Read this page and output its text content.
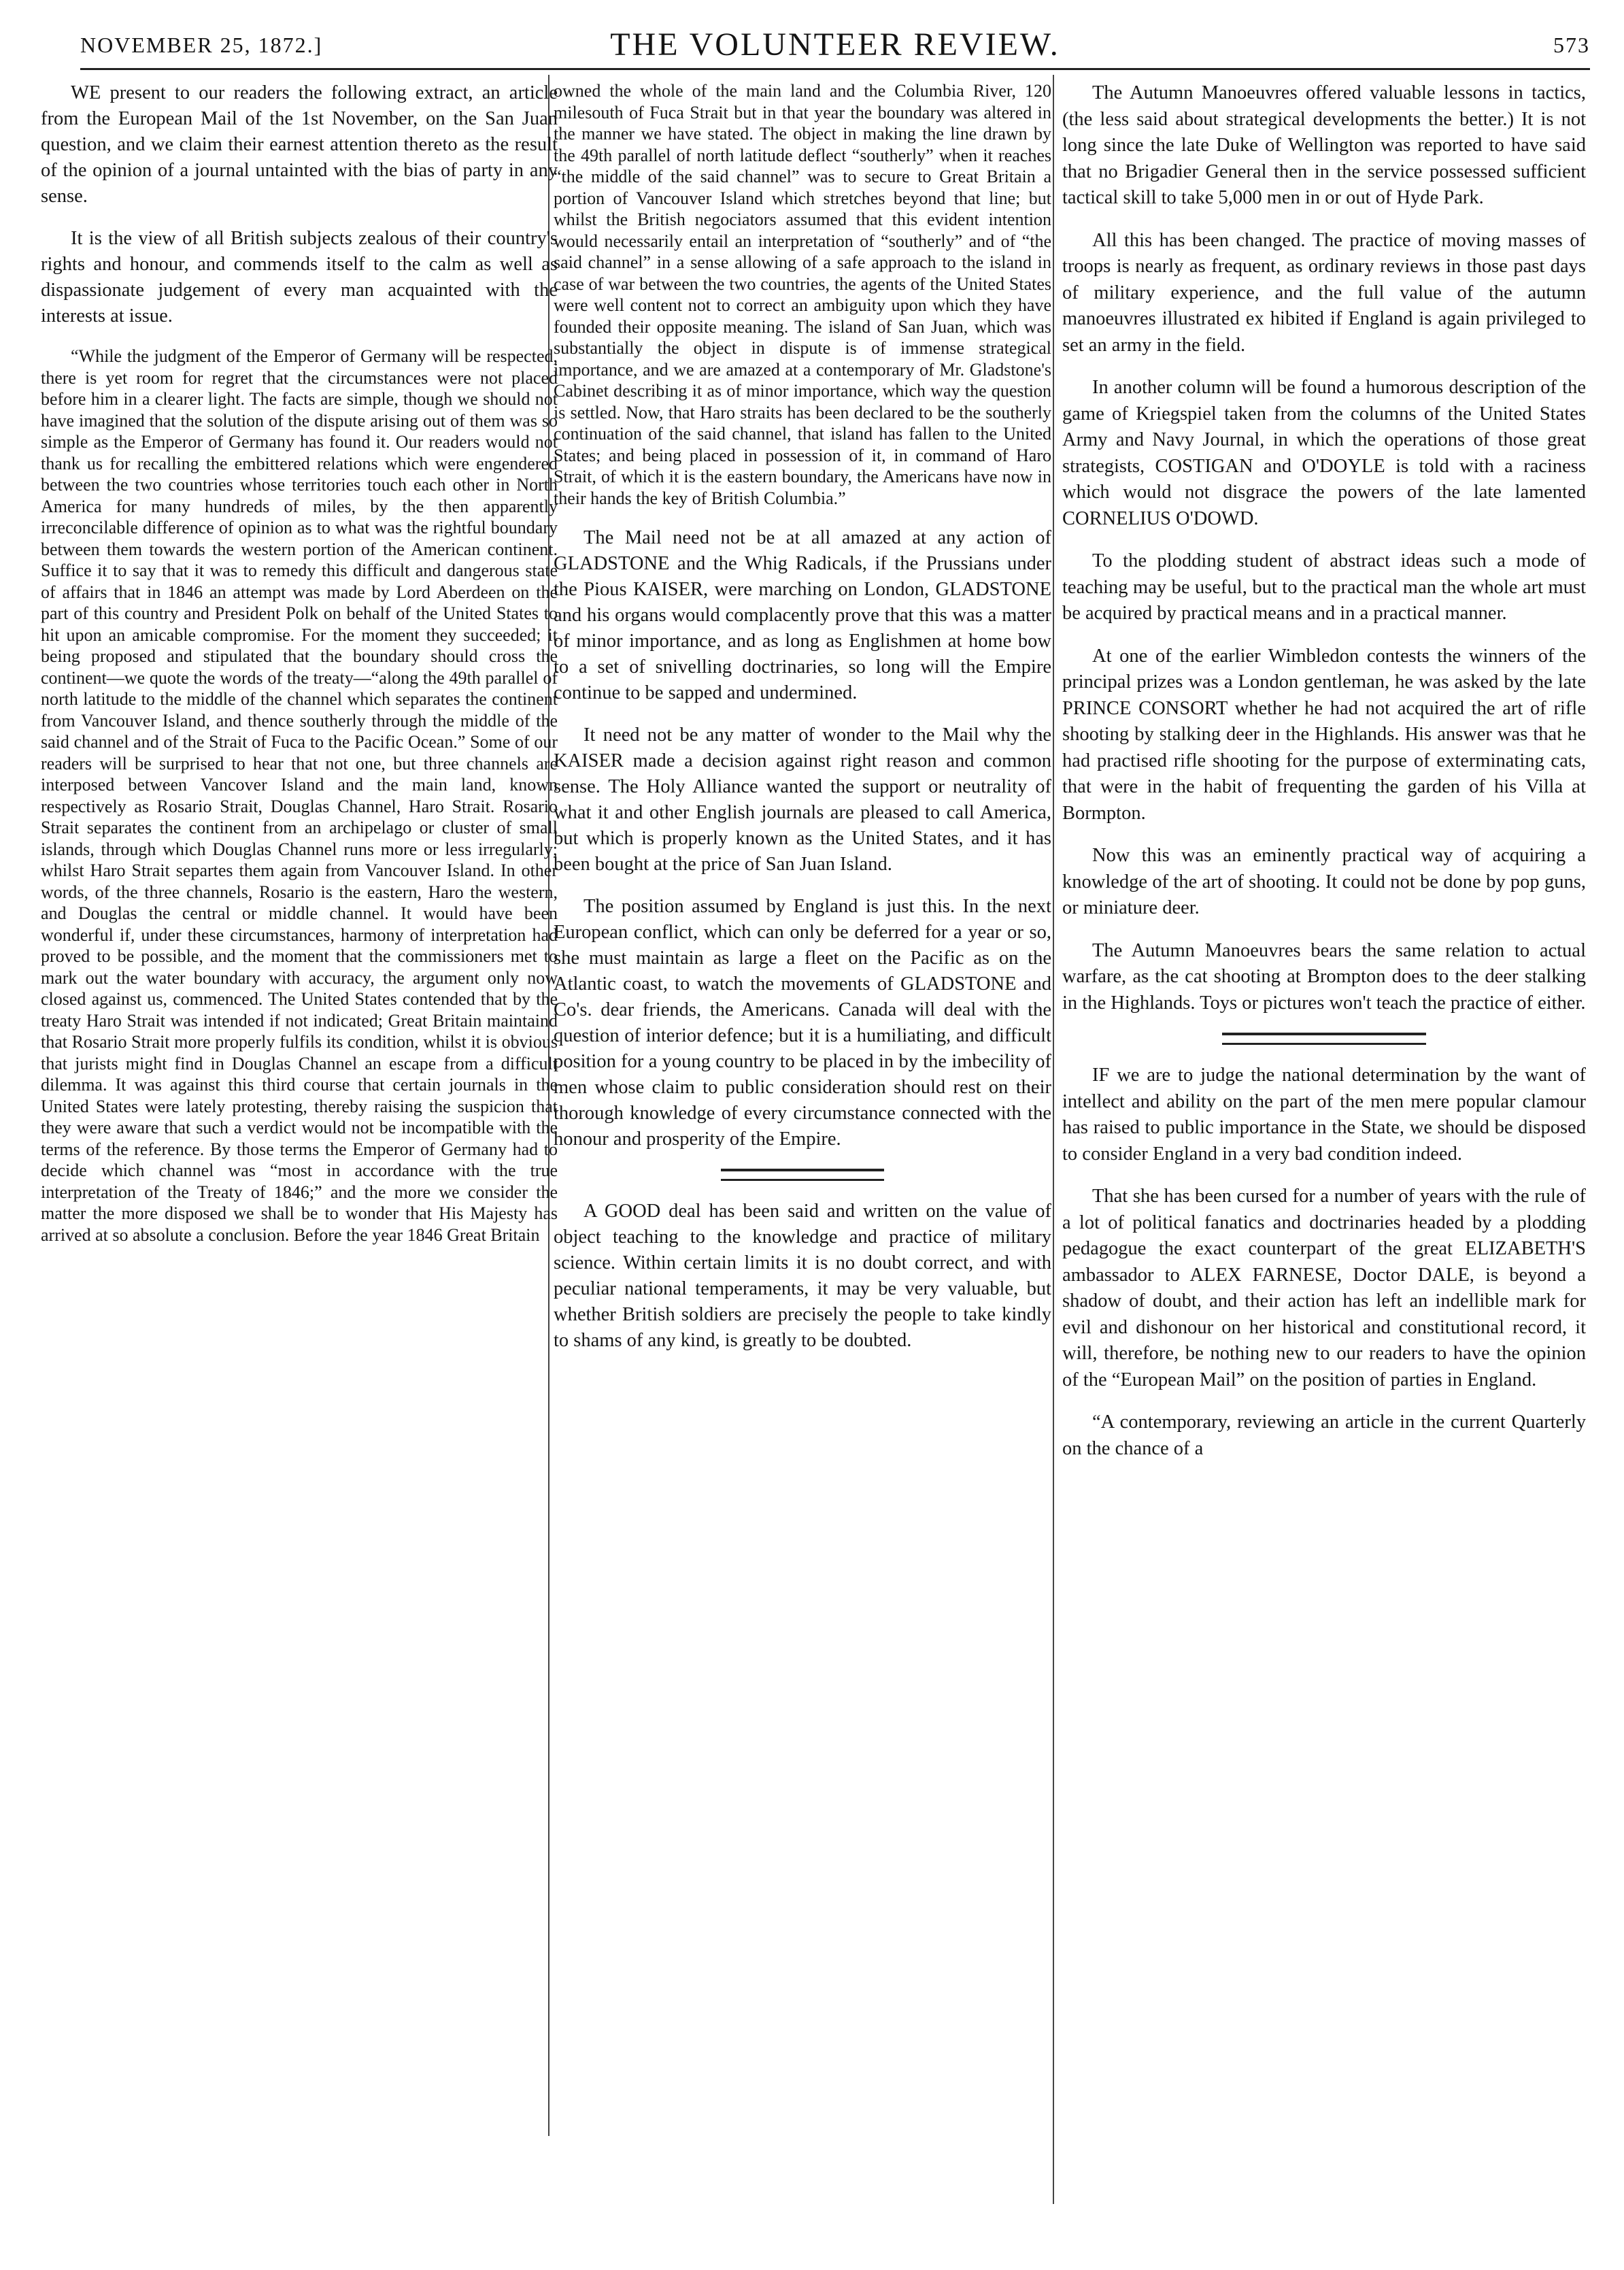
NOVEMBER 25, 1872.]	THE VOLUNTEER REVIEW.	573

WE present to our readers the following extract, an article from the European Mail of the 1st November, on the San Juan question, and we claim their earnest attention thereto as the result of the opinion of a journal untainted with the bias of party in any sense.

It is the view of all British subjects zealous of their country's rights and honour, and commends itself to the calm as well as dispassionate judgement of every man acquainted with the interests at issue.

“While the judgment of the Emperor of Germany will be respected, there is yet room for regret that the circumstances were not placed before him in a clearer light. The facts are simple, though we should not have imagined that the solution of the dispute arising out of them was so simple as the Emperor of Germany has found it. Our readers would not thank us for recalling the embittered relations which were engendered between the two countries whose territories touch each other in North America for many hundreds of miles, by the then apparently irreconcilable difference of opinion as to what was the rightful boundary between them towards the western portion of the American continent. Suffice it to say that it was to remedy this difficult and dangerous state of affairs that in 1846 an attempt was made by Lord Aberdeen on the part of this country and President Polk on behalf of the United States to hit upon an amicable compromise. For the moment they succeeded; it being proposed and stipulated that the boundary should cross the continent—we quote the words of the treaty—“along the 49th parallel of north latitude to the middle of the channel which separates the continent from Vancouver Island, and thence southerly through the middle of the said channel and of the Strait of Fuca to the Pacific Ocean.” Some of our readers will be surprised to hear that not one, but three channels are interposed between Vancover Island and the main land, known respectively as Rosario Strait, Douglas Channel, Haro Strait. Rosario Strait separates the continent from an archipelago or cluster of small islands, through which Douglas Channel runs more or less irregularly; whilst Haro Strait separtes them again from Vancouver Island. In other words, of the three channels, Rosario is the eastern, Haro the western, and Douglas the central or middle channel. It would have been wonderful if, under these circumstances, harmony of interpretation had proved to be possible, and the moment that the commissioners met to mark out the water boundary with accuracy, the argument only now closed against us, commenced. The United States contended that by the treaty Haro Strait was intended if not indicated; Great Britain maintaind that Rosario Strait more properly fulfils its condition, whilst it is obvious that jurists might find in Douglas Channel an escape from a difficult dilemma. It was against this third course that certain journals in the United States were lately protesting, thereby raising the suspicion that they were aware that such a verdict would not be incompatible with the terms of the reference. By those terms the Emperor of Germany had to decide which channel was “most in accordance with the true interpretation of the Treaty of 1846;” and the more we consider the matter the more disposed we shall be to wonder that His Majesty has arrived at so absolute a conclusion. Before the year 1846 Great Britain

owned the whole of the main land and the Columbia River, 120 milesouth of Fuca Strait but in that year the boundary was altered in the manner we have stated. The object in making the line drawn by the 49th parallel of north latitude deflect “southerly” when it reaches “the middle of the said channel” was to secure to Great Britain a portion of Vancouver Island which stretches beyond that line; but whilst the British negociators assumed that this evident intention would necessarily entail an interpretation of “southerly” and of “the said channel” in a sense allowing of a safe approach to the island in case of war between the two countries, the agents of the United States were well content not to correct an ambiguity upon which they have founded their opposite meaning. The island of San Juan, which was substantially the object in dispute is of immense strategical importance, and we are amazed at a contemporary of Mr. Gladstone's Cabinet describing it as of minor importance, which way the question is settled. Now, that Haro straits has been declared to be the southerly continuation of the said channel, that island has fallen to the United States; and being placed in possession of it, in command of Haro Strait, of which it is the eastern boundary, the Americans have now in their hands the key of British Columbia.”

The Mail need not be at all amazed at any action of GLADSTONE and the Whig Radicals, if the Prussians under the Pious KAISER, were marching on London, GLADSTONE and his organs would complacently prove that this was a matter of minor importance, and as long as Englishmen at home bow to a set of snivelling doctrinaries, so long will the Empire continue to be sapped and undermined.

It need not be any matter of wonder to the Mail why the KAISER made a decision against right reason and common sense. The Holy Alliance wanted the support or neutrality of what it and other English journals are pleased to call America, but which is properly known as the United States, and it has been bought at the price of San Juan Island.

The position assumed by England is just this. In the next European conflict, which can only be deferred for a year or so, she must maintain as large a fleet on the Pacific as on the Atlantic coast, to watch the movements of GLADSTONE and Co's. dear friends, the Americans. Canada will deal with the question of interior defence; but it is a humiliating, and difficult position for a young country to be placed in by the imbecility of men whose claim to public consideration should rest on their thorough knowledge of every circumstance connected with the honour and prosperity of the Empire.

A GOOD deal has been said and written on the value of object teaching to the knowledge and practice of military science. Within certain limits it is no doubt correct, and with peculiar national temperaments, it may be very valuable, but whether British soldiers are precisely the people to take kindly to shams of any kind, is greatly to be doubted.

The Autumn Manoeuvres offered valuable lessons in tactics, (the less said about strategical developments the better.) It is not long since the late Duke of Wellington was reported to have said that no Brigadier General then in the service possessed sufficient tactical skill to take 5,000 men in or out of Hyde Park.

All this has been changed. The practice of moving masses of troops is nearly as frequent, as ordinary reviews in those past days of military experience, and the full value of the autumn manoeuvres illustrated ex hibited if England is again privileged to set an army in the field.

In another column will be found a humorous description of the game of Kriegspiel taken from the columns of the United States Army and Navy Journal, in which the operations of those great strategists, COSTIGAN and O'DOYLE is told with a raciness which would not disgrace the powers of the late lamented CORNELIUS O'DOWD.

To the plodding student of abstract ideas such a mode of teaching may be useful, but to the practical man the whole art must be acquired by practical means and in a practical manner.

At one of the earlier Wimbledon contests the winners of the principal prizes was a London gentleman, he was asked by the late PRINCE CONSORT whether he had not acquired the art of rifle shooting by stalking deer in the Highlands. His answer was that he had practised rifle shooting for the purpose of exterminating cats, that were in the habit of frequenting the garden of his Villa at Bormpton.

Now this was an eminently practical way of acquiring a knowledge of the art of shooting. It could not be done by pop guns, or miniature deer.

The Autumn Manoeuvres bears the same relation to actual warfare, as the cat shooting at Brompton does to the deer stalking in the Highlands. Toys or pictures won't teach the practice of either.

IF we are to judge the national determination by the want of intellect and ability on the part of the men mere popular clamour has raised to public importance in the State, we should be disposed to consider England in a very bad condition indeed.

That she has been cursed for a number of years with the rule of a lot of political fanatics and doctrinaries headed by a plodding pedagogue the exact counterpart of the great ELIZABETH'S ambassador to ALEX FARNESE, Doctor DALE, is beyond a shadow of doubt, and their action has left an indellible mark for evil and dishonour on her historical and constitutional record, it will, therefore, be nothing new to our readers to have the opinion of the “European Mail” on the position of parties in England.

“A contemporary, reviewing an article in the current Quarterly on the chance of a
